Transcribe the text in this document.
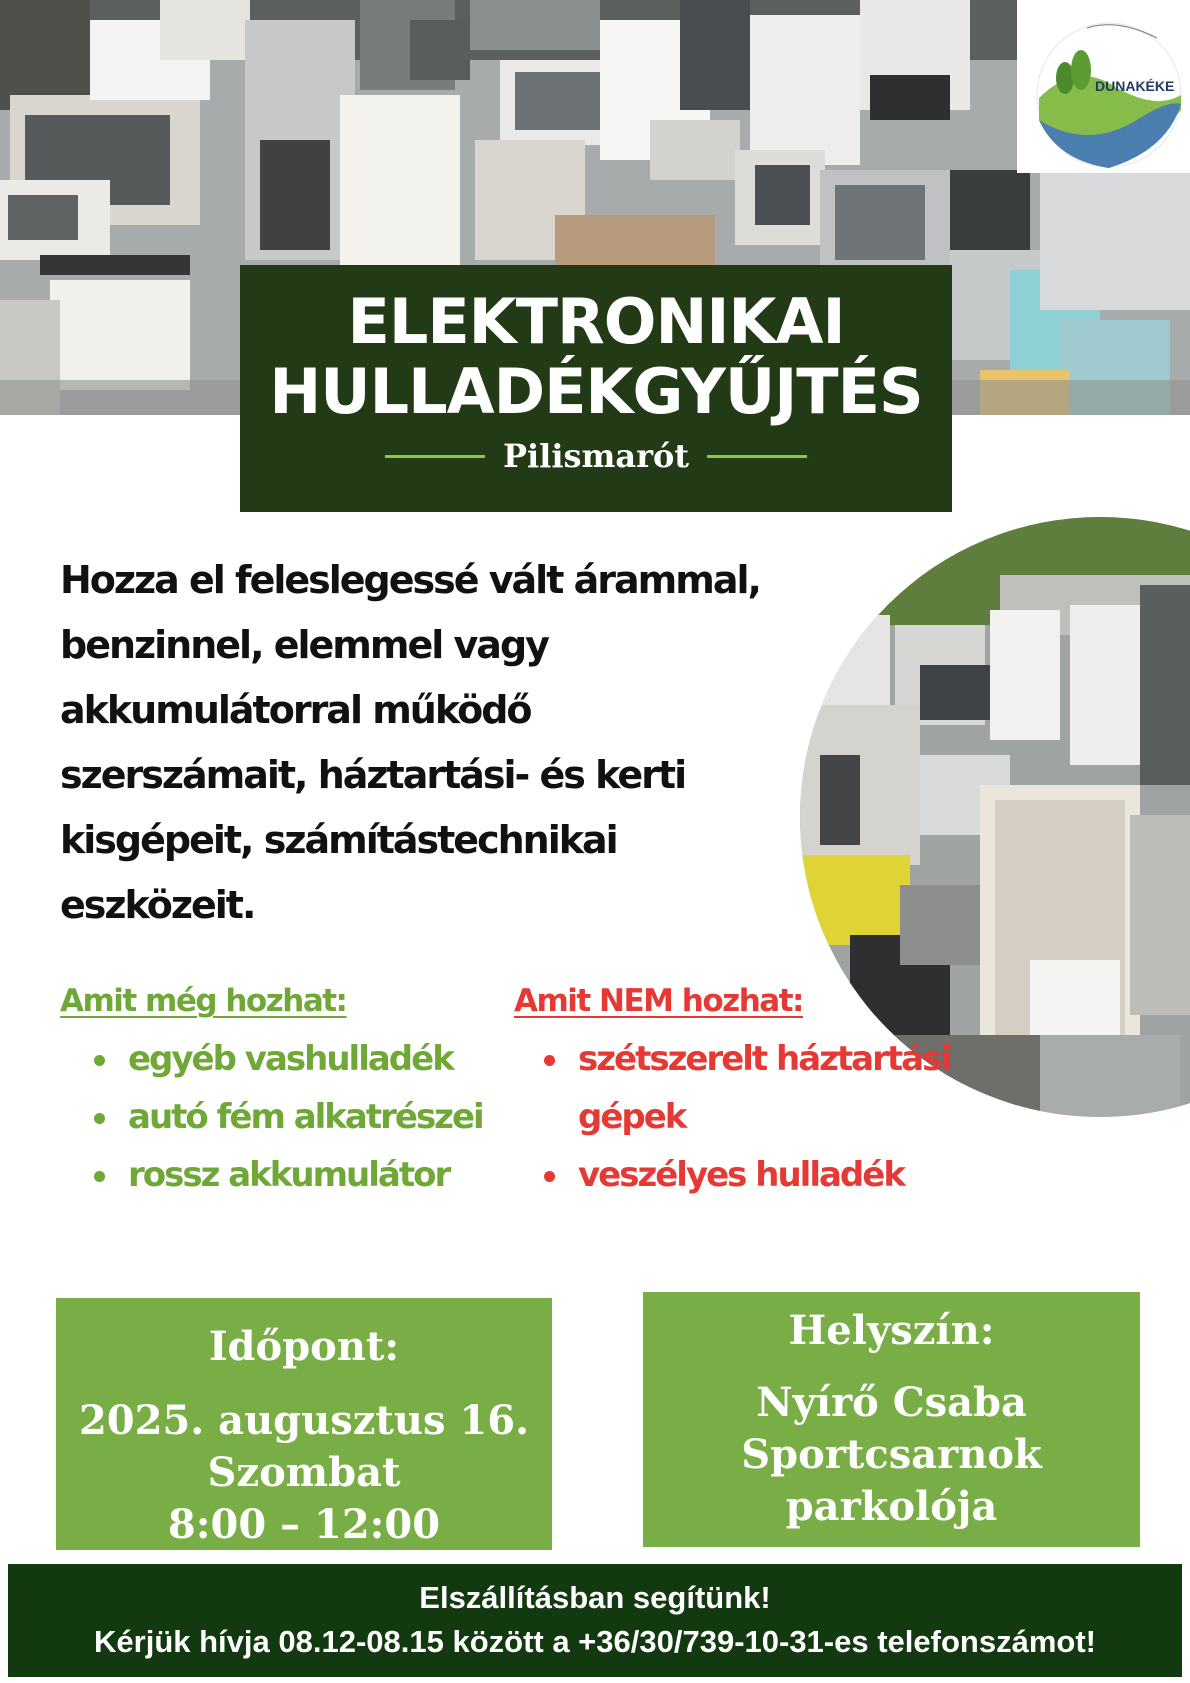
DUNAKÉKE
ELEKTRONIKAI
HULLADÉKGYŰJTÉS
Pilismarót

Hozza el feleslegessé vált árammal, benzinnel, elemmel vagy akkumulátorral működő szerszámait, háztartási- és kerti kisgépeit, számítástechnikai eszközeit.

Amit még hozhat:
egyéb vashulladék
autó fém alkatrészei
rossz akkumulátor
Amit NEM hozhat:
szétszerelt háztartási gépek
veszélyes hulladék
Időpont:
2025. augusztus 16.
Szombat
8:00 – 12:00
Helyszín:
Nyírő Csaba
Sportcsarnok
parkolója
Elszállításban segítünk!
Kérjük hívja 08.12-08.15 között a +36/30/739-10-31-es telefonszámot!
